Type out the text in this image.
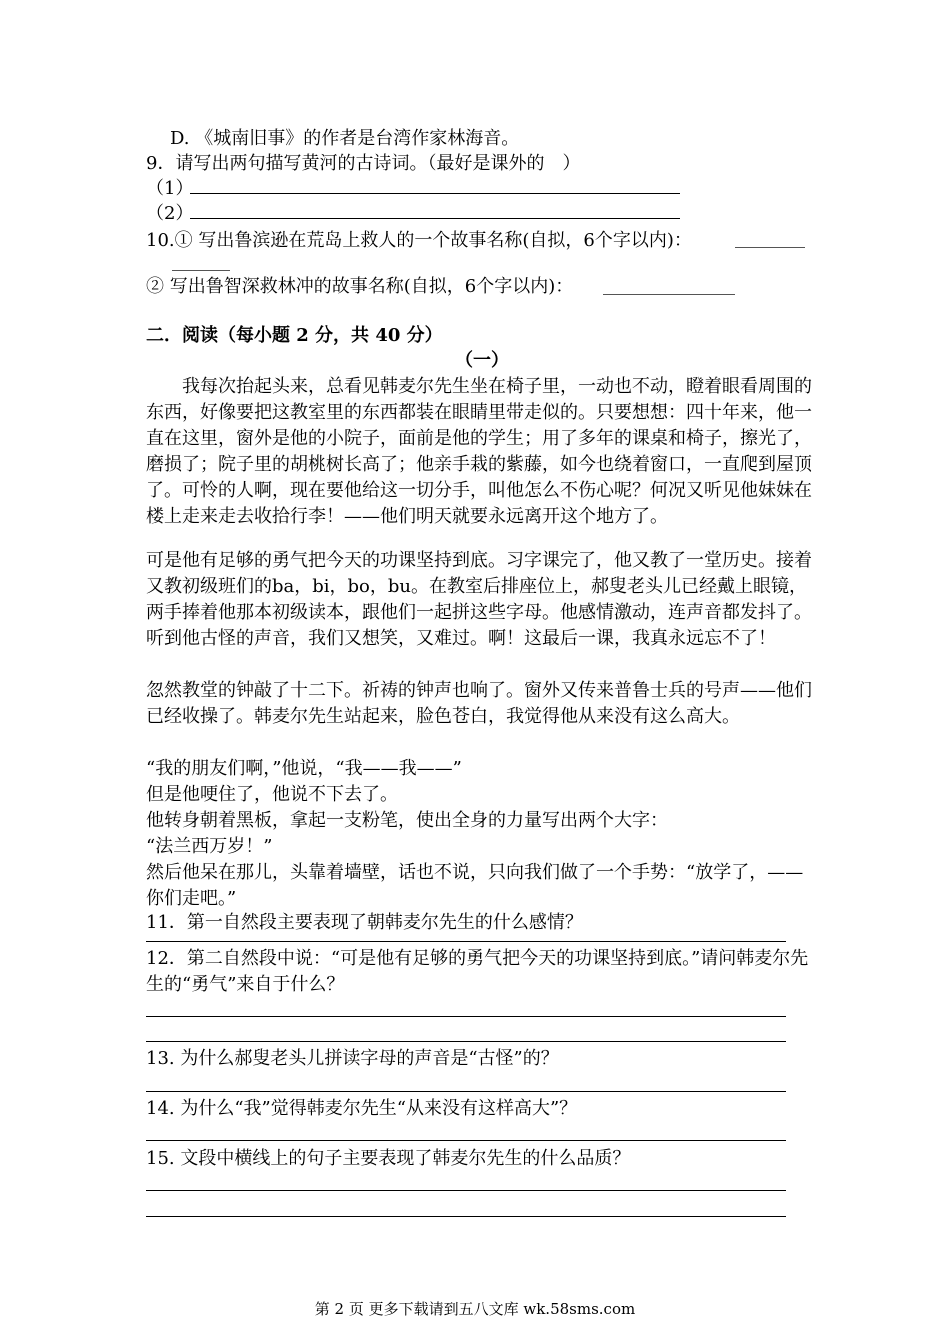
D. 《城南旧事》的作者是台湾作家林海音。
9．请写出两句描写黄河的古诗词。（最好是课外的　）
（1）
（2）
10.① 写出鲁滨逊在荒岛上救人的一个故事名称(自拟，6个字以内)：
② 写出鲁智深救林冲的故事名称(自拟，6个字以内)：
二．阅读（每小题 2 分，共 40 分）
（一）
我每次抬起头来，总看见韩麦尔先生坐在椅子里，一动也不动，瞪着眼看周围的东西，好像要把这教室里的东西都装在眼睛里带走似的。只要想想：四十年来，他一直在这里，窗外是他的小院子，面前是他的学生；用了多年的课桌和椅子，擦光了，磨损了；院子里的胡桃树长高了；他亲手栽的紫藤，如今也绕着窗口，一直爬到屋顶了。可怜的人啊，现在要他给这一切分手，叫他怎么不伤心呢？何况又听见他妹妹在楼上走来走去收拾行李！——他们明天就要永远离开这个地方了。
可是他有足够的勇气把今天的功课坚持到底。习字课完了，他又教了一堂历史。接着又教初级班们的ba，bi，bo，bu。在教室后排座位上，郝叟老头儿已经戴上眼镜，两手捧着他那本初级读本，跟他们一起拼这些字母。他感情激动，连声音都发抖了。听到他古怪的声音，我们又想笑，又难过。啊！这最后一课，我真永远忘不了！
忽然教堂的钟敲了十二下。祈祷的钟声也响了。窗外又传来普鲁士兵的号声——他们已经收操了。韩麦尔先生站起来，脸色苍白，我觉得他从来没有这么高大。
“我的朋友们啊，”他说，“我——我——”
但是他哽住了，他说不下去了。
他转身朝着黑板，拿起一支粉笔，使出全身的力量写出两个大字：
“法兰西万岁！”
然后他呆在那儿，头靠着墙壁，话也不说，只向我们做了一个手势：“放学了，——你们走吧。”
11．第一自然段主要表现了朝韩麦尔先生的什么感情？
12．第二自然段中说：“可是他有足够的勇气把今天的功课坚持到底。”请问韩麦尔先生的“勇气”来自于什么？
13. 为什么郝叟老头儿拼读字母的声音是“古怪”的？
14. 为什么“我”觉得韩麦尔先生“从来没有这样高大”？
15. 文段中横线上的句子主要表现了韩麦尔先生的什么品质？
第 2 页 更多下载请到五八文库 wk.58sms.com
